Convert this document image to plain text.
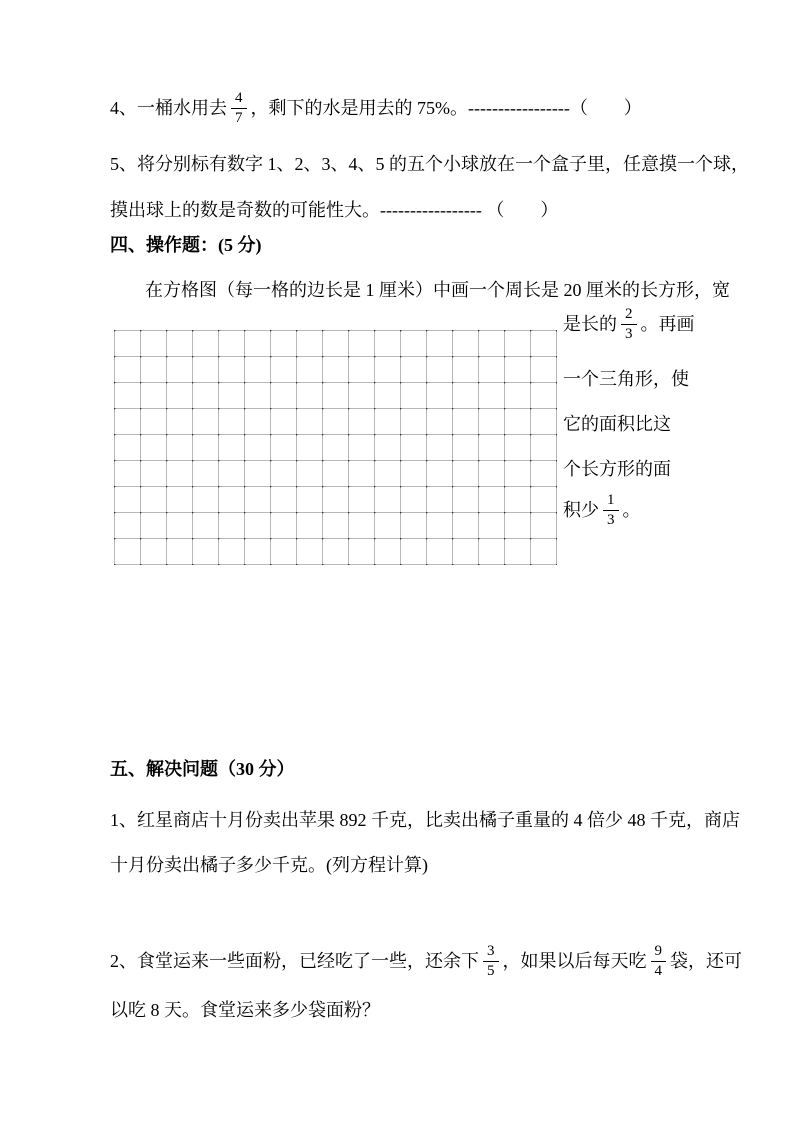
4、一桶水用去 $\frac{4}{7}$ ，剩下的水是用去的 75%。-----------------（　　）

5、将分别标有数字 1、2、3、4、5 的五个小球放在一个盒子里，任意摸一个球，

摸出球上的数是奇数的可能性大。----------------- （　　）

四、操作题：(5 分)

在方格图（每一格的边长是 1 厘米）中画一个周长是 20 厘米的长方形，宽

是长的 $\frac{2}{3}$ 。再画

一个三角形，使

它的面积比这

个长方形的面

积少 $\frac{1}{3}$ 。

五、解决问题（30 分）

1、红星商店十月份卖出苹果 892 千克，比卖出橘子重量的 4 倍少 48 千克，商店

十月份卖出橘子多少千克。(列方程计算)

2、食堂运来一些面粉，已经吃了一些，还余下 $\frac{3}{5}$ ，如果以后每天吃 $\frac{9}{4}$ 袋，还可

以吃 8 天。食堂运来多少袋面粉？
